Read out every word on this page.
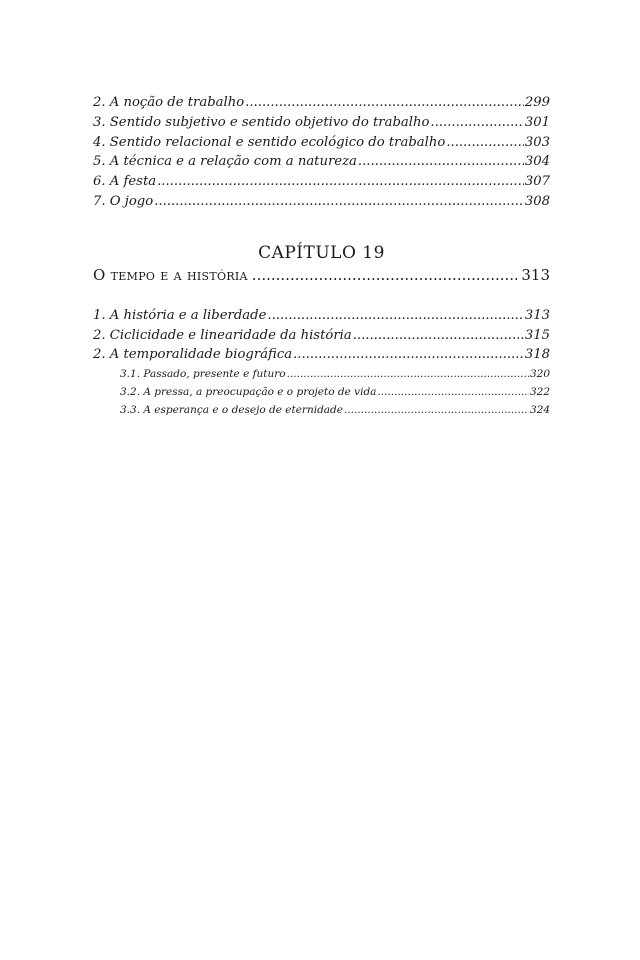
2. A noção de trabalho .....	299
3. Sentido subjetivo e sentido objetivo do trabalho .....	301
4. Sentido relacional e sentido ecológico do trabalho .....	303
5. A técnica e a relação com a natureza .....	304
6. A festa .....	307
7. O jogo .....	308
CAPÍTULO 19
O tempo e a história .....	313
1. A história e a liberdade .....	313
2. Ciclicidade e linearidade da história .....	315
2. A temporalidade biográfica .....	318
3.1. Passado, presente e futuro .....	320
3.2. A pressa, a preocupação e o projeto de vida .....	322
3.3. A esperança e o desejo de eternidade .....	324
